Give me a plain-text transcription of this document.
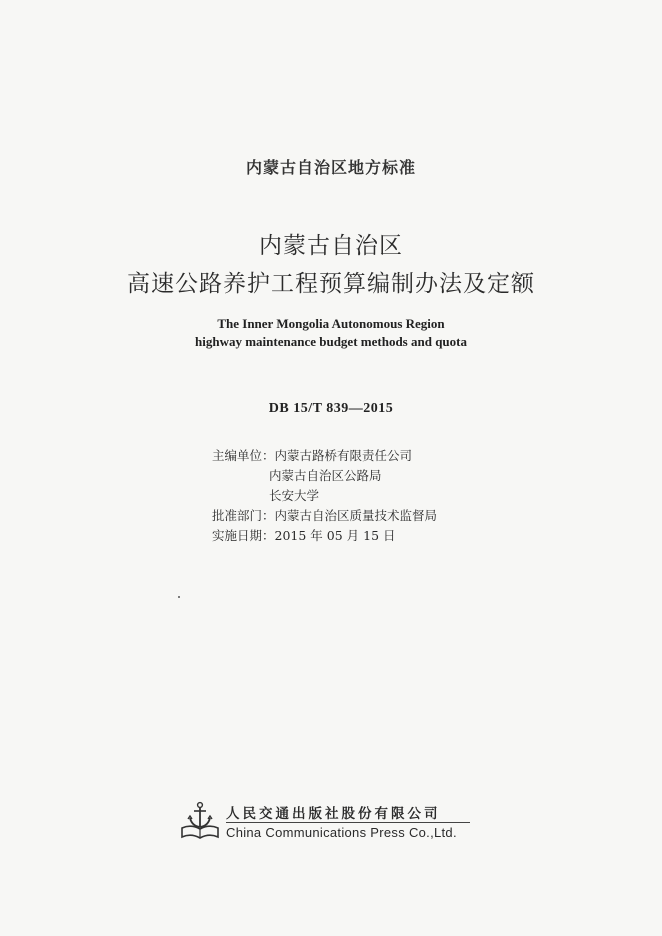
内蒙古自治区地方标准
内蒙古自治区
高速公路养护工程预算编制办法及定额
The Inner Mongolia Autonomous Region
highway maintenance budget methods and quota
DB 15/T 839—2015
主编单位：内蒙古路桥有限责任公司
内蒙古自治区公路局
长安大学
批准部门：内蒙古自治区质量技术监督局
实施日期：2015 年 05 月 15 日
人民交通出版社股份有限公司
China Communications Press Co.,Ltd.
